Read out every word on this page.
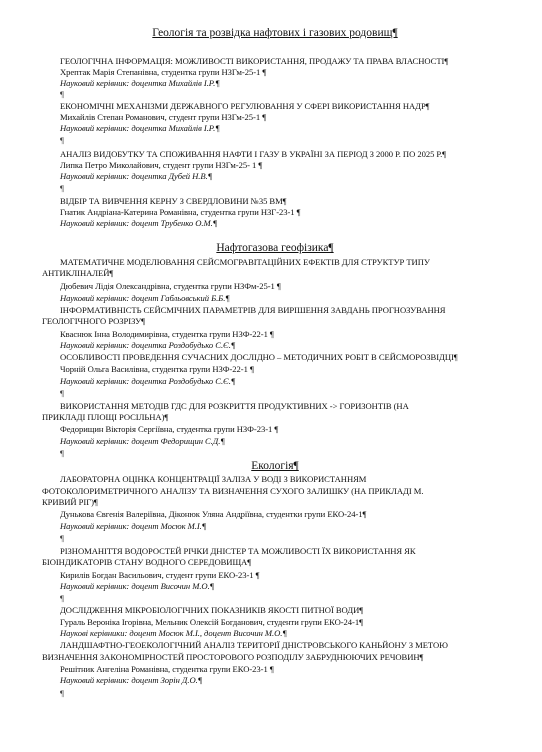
Геологія та розвідка нафтових і газових родовищ¶
ГЕОЛОГІЧНА ІНФОРМАЦІЯ: МОЖЛИВОСТІ ВИКОРИСТАННЯ, ПРОДАЖУ ТА ПРАВА ВЛАСНОСТІ¶
Хрептак Марія Степанівна, студентка групи НЗГм-25-1 ¶
Науковий керівник: доцентка Михайлів І.Р.¶
¶
ЕКОНОМІЧНІ МЕХАНІЗМИ ДЕРЖАВНОГО РЕГУЛЮВАННЯ У СФЕРІ ВИКОРИСТАННЯ НАДР¶
Михайлів Степан Романович, студент групи НЗГм-25-1 ¶
Науковий керівник: доцентка Михайлів І.Р.¶
¶
АНАЛІЗ ВИДОБУТКУ ТА СПОЖИВАННЯ НАФТИ І ГАЗУ В УКРАЇНІ ЗА ПЕРІОД З 2000 Р. ПО 2025 Р.¶
Липка Петро Миколайович, студент групи НЗГм-25- 1 ¶
Науковий керівник: доцентка Дубей Н.В.¶
¶
ВІДБІР ТА ВИВЧЕННЯ КЕРНУ З СВЕРДЛОВИНИ №35 ВМ¶
Гнатик Андріана-Катерина Романівна, студентка групи НЗГ-23-1 ¶
Науковий керівник: доцент Трубенко О.М.¶
Нафтогазова геофізика¶
МАТЕМАТИЧНЕ МОДЕЛЮВАННЯ СЕЙСМОГРАВІТАЦІЙНИХ ЕФЕКТІВ ДЛЯ СТРУКТУР ТИПУ
АНТИКЛІНАЛЕЙ¶
Дюбевич Лідія Олександрівна, студентка групи НЗФм-25-1 ¶
Науковий керівник: доцент Габльовський Б.Б.¶
ІНФОРМАТИВНІСТЬ СЕЙСМІЧНИХ ПАРАМЕТРІВ ДЛЯ ВИРІШЕННЯ ЗАВДАНЬ ПРОГНОЗУВАННЯ
ГЕОЛОГІЧНОГО РОЗРІЗУ¶
Кваснюк Інна Володимирівна, студентка групи НЗФ-22-1 ¶
Науковий керівник: доцентка Роздобудько С.Є.¶
ОСОБЛИВОСТІ ПРОВЕДЕННЯ СУЧАСНИХ ДОСЛІДНО – МЕТОДИЧНИХ РОБІТ В СЕЙСМОРОЗВІДЦІ¶
Чорній Ольга Василівна, студентка групи НЗФ-22-1 ¶
Науковий керівник: доцентка Роздобудько С.Є.¶
¶
ВИКОРИСТАННЯ МЕТОДІВ ГДС ДЛЯ РОЗКРИТТЯ ПРОДУКТИВНИХ -> ГОРИЗОНТІВ (НА
ПРИКЛАДІ ПЛОЩІ РОСІЛЬНА)¶
Федорищин Вікторія Сергіївна, студентка групи НЗФ-23-1 ¶
Науковий керівник: доцент Федорищин С.Д.¶
¶
Екологія¶
ЛАБОРАТОРНА ОЦІНКА КОНЦЕНТРАЦІЇ ЗАЛІЗА У ВОДІ З ВИКОРИСТАННЯМ
ФОТОКОЛОРИМЕТРИЧНОГО АНАЛІЗУ ТА ВИЗНАЧЕННЯ СУХОГО ЗАЛИШКУ (НА ПРИКЛАДІ М.
КРИВИЙ РІГ)¶
Дунькова Євгенія Валеріївна, Діконюк Уляна Андріївна, студентки групи ЕКО-24-1¶
Науковий керівник: доцент Мосюк М.І.¶
¶
РІЗНОМАНІТТЯ ВОДОРОСТЕЙ РІЧКИ ДНІСТЕР ТА МОЖЛИВОСТІ ЇХ ВИКОРИСТАННЯ ЯК
БІОІНДИКАТОРІВ СТАНУ ВОДНОГО СЕРЕДОВИЩА¶
Кирилів Богдан Васильович, студент групи ЕКО-23-1 ¶
Науковий керівник: доцент Височин М.О.¶
¶
ДОСЛІДЖЕННЯ МІКРОБІОЛОГІЧНИХ ПОКАЗНИКІВ ЯКОСТІ ПИТНОЇ ВОДИ¶
Гураль Вероніка Ігорівна, Мельник Олексій Богданович, студенти групи ЕКО-24-1¶
Наукові керівники: доцент Мосюк М.І., доцент Височин М.О.¶
ЛАНДШАФТНО-ГЕОЕКОЛОГІЧНИЙ АНАЛІЗ ТЕРИТОРІЇ ДНІСТРОВСЬКОГО КАНЬЙОНУ З МЕТОЮ
ВИЗНАЧЕННЯ ЗАКОНОМІРНОСТЕЙ ПРОСТОРОВОГО РОЗПОДІЛУ ЗАБРУДНЮЮЧИХ РЕЧОВИН¶
Решітник Ангеліна Романівна, студентка групи ЕКО-23-1 ¶
Науковий керівник: доцент Зорін Д.О.¶
¶
